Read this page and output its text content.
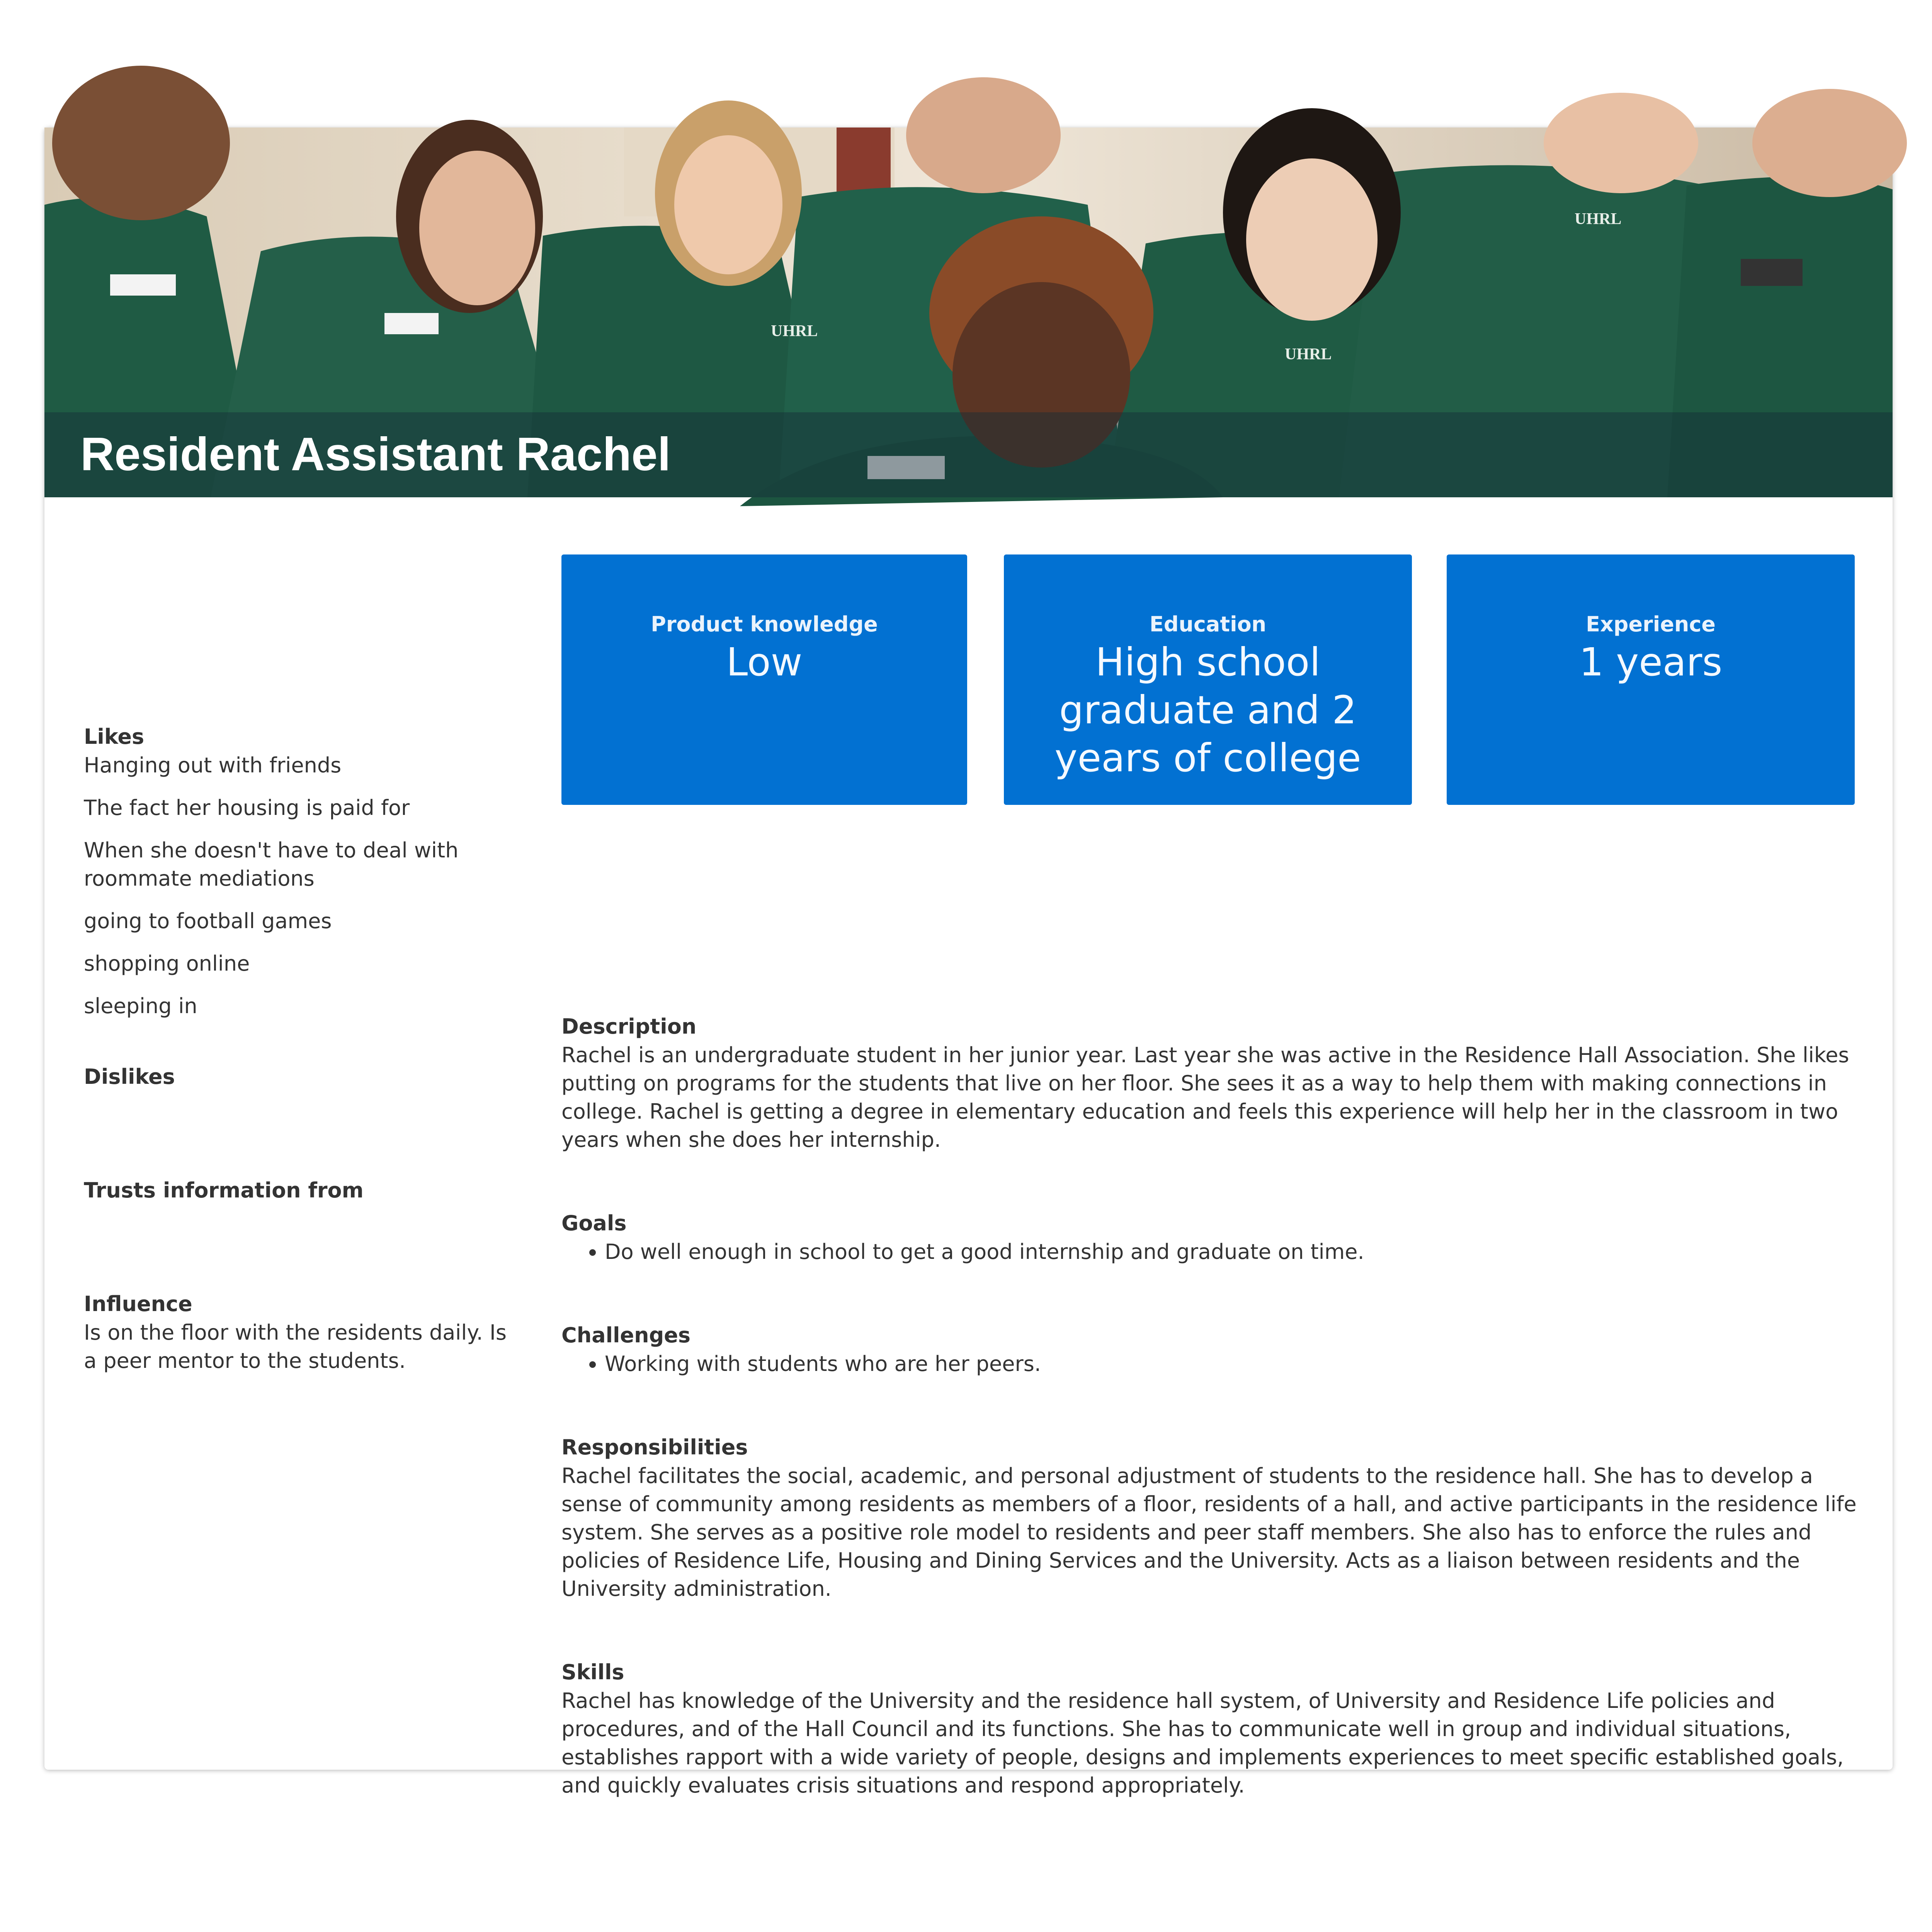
UHRL
UHRL
UHRL
Resident Assistant Rachel

Likes

Hanging out with friends
The fact her housing is paid for
When she doesn't have to deal with roommate mediations
going to football games
shopping online
sleeping in

Dislikes

Trusts information from

Influence

Is on the floor with the residents daily. Is a peer mentor to the students.

Product knowledge
Low
Education
High school graduate and 2 years of college
Experience
1 years

Description

Rachel is an undergraduate student in her junior year. Last year she was active in the Residence Hall Association. She likes putting on programs for the students that live on her floor. She sees it as a way to help them with making connections in college. Rachel is getting a degree in elementary education and feels this experience will help her in the classroom in two years when she does her internship.

Goals

• Do well enough in school to get a good internship and graduate on time.

Challenges

• Working with students who are her peers.

Responsibilities

Rachel facilitates the social, academic, and personal adjustment of students to the residence hall. She has to develop a sense of community among residents as members of a floor, residents of a hall, and active participants in the residence life system. She serves as a positive role model to residents and peer staff members. She also has to enforce the rules and policies of Residence Life, Housing and Dining Services and the University. Acts as a liaison between residents and the University administration.

Skills

Rachel has knowledge of the University and the residence hall system, of University and Residence Life policies and procedures, and of the Hall Council and its functions. She has to communicate well in group and individual situations, establishes rapport with a wide variety of people, designs and implements experiences to meet specific established goals, and quickly evaluates crisis situations and respond appropriately.
